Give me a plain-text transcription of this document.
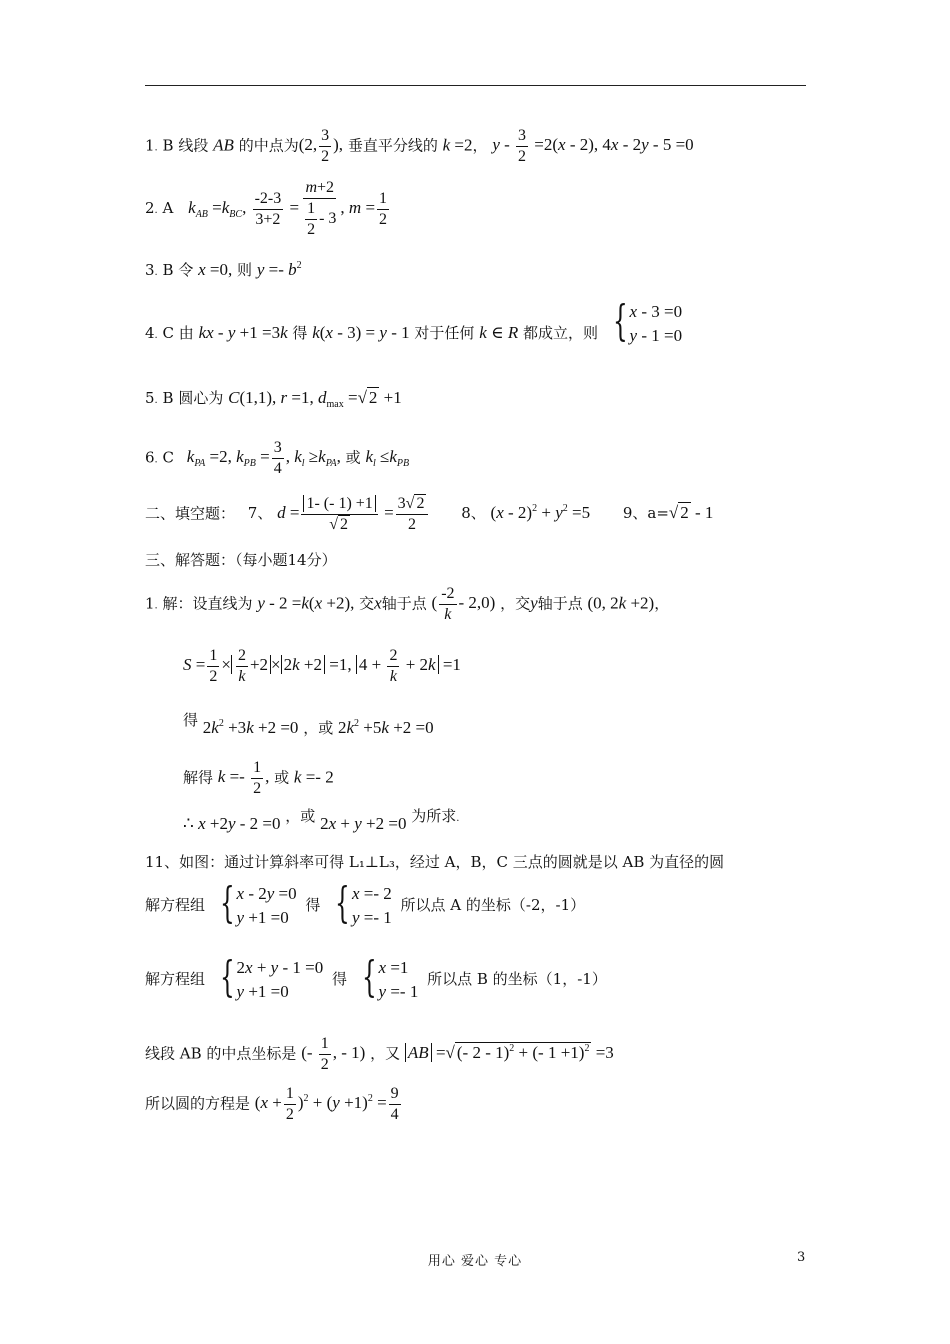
1. B 线段 AB 的中点为(2, $\frac{3}{2}$ ), 垂直平分线的 k =2， $y - \frac{3}{2} =2(x - 2)$, 4x - 2y - 5 =0
2. A $k_{AB} =k_{BC}$, $\frac{-2-3}{3+2} = \frac{m+2}{\frac{1}{2} - 3}$ , $m = \frac{1}{2}$
3. B 令 x =0, 则 $y =- b^2$
4. C 由 kx - y +1 =3k 得 k(x - 3) = y - 1 对于任何 k ∈ R 都成立，则 { x - 3 =0
y - 1 =0
5. B 圆心为 C(1,1), r =1, $d_{max}$ =√ 2 +1
6. C $k_{PA} =2$, $k_{PB} = \frac{3}{4}$ , $k_l \ge k_{PA}$, 或 $k_l \le k_{PB}$
二、填空题： 7、 $d = \frac{1- (- 1) +1}{√ 2} = \frac{3√ 2}{2} 8$、 $(x - 2)^2 + y^2 =5$ 9、a=√ 2 - 1
三、解答题：（每小题14分）
1. 解：设直线为 y - 2 =k(x +2), 交x轴于点 ( $\frac{-2}{k} - 2,0$) ，交y轴于点 (0, 2k +2)，
$S = \frac{1}{2} \times \frac{2}{k} +2 \times 2k +2 =1$, $4 + \frac{2}{k} + 2k =1$
得 $2k^2 +3k +2 =0$ ，或 $2k^2 +5k +2 =0$
解得 $k =- \frac{1}{2}$ , 或 k =- 2
∴ x +2y - 2 =0 ，或 2x + y +2 =0 为所求.
11、如图：通过计算斜率可得 L₁⊥L₃，经过 A，B，C 三点的圆就是以 AB 为直径的圆
解方程组 { x - 2y =0
y +1 =0
得 { x =- 2
y =- 1
所以点 A 的坐标（-2，-1）
解方程组 { 2x + y - 1 =0
y +1 =0
得 { x =1
y =- 1
所以点 B 的坐标（1，-1）
线段 AB 的中点坐标是 (- $\frac{1}{2}$ , - 1) ，又 AB =√ (- 2 - 1)$^2$ + (- 1 +1)$^2$ =3
所以圆的方程是 $(x + \frac{1}{2} )^2 + (y +1)^2 = \frac{9}{4}$
用心 爱心 专心	3
